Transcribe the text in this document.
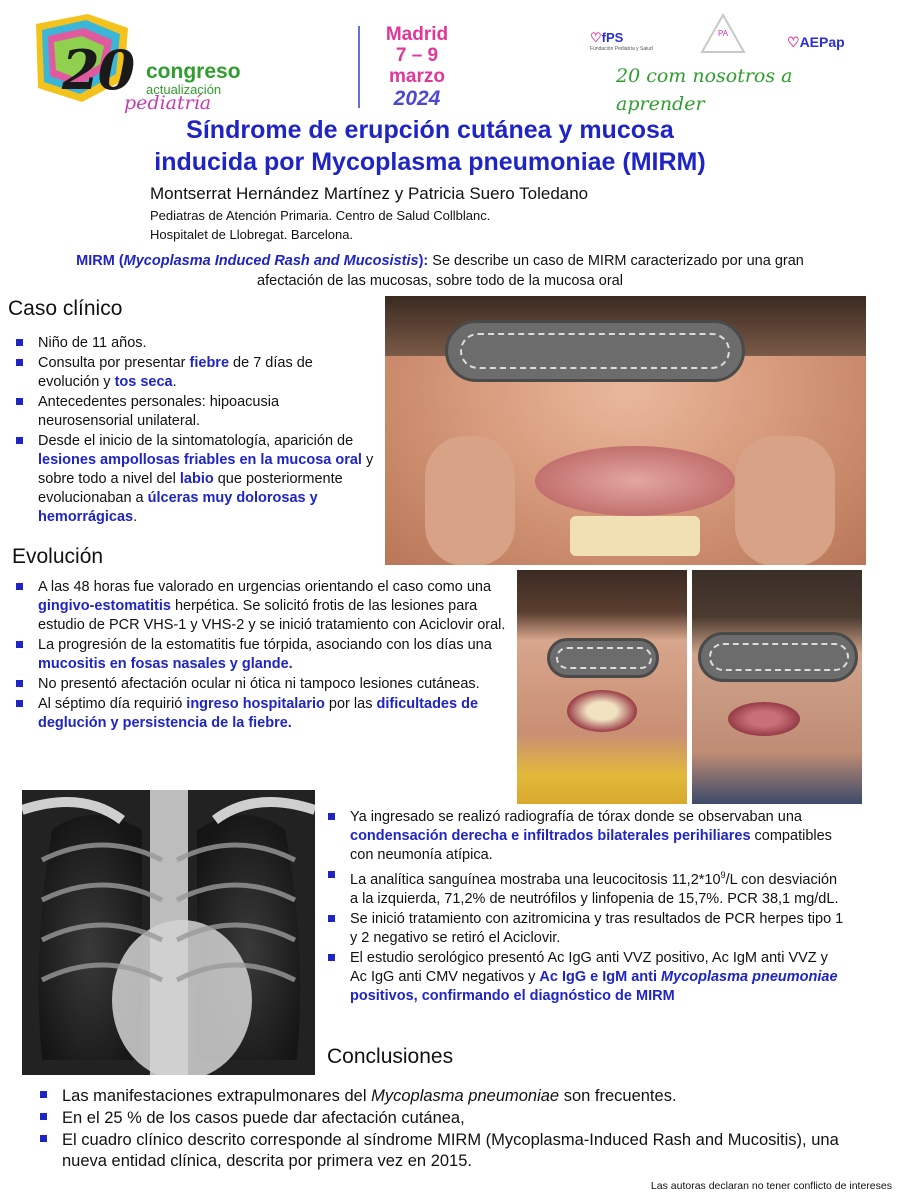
20 congreso
actualización
pediatría
Madrid
7 – 9
marzo
2024
♡fPS
Fundación Pediatría y Salud
PA
♡AEPap
20 com nosotros a aprender
Síndrome de erupción cutánea y mucosa
inducida por Mycoplasma pneumoniae (MIRM)
Montserrat Hernández Martínez y Patricia Suero Toledano
Pediatras de Atención Primaria. Centro de Salud Collblanc.
Hospitalet de Llobregat. Barcelona.
MIRM (Mycoplasma Induced Rash and Mucosistis): Se describe un caso de MIRM caracterizado por una gran afectación de las mucosas, sobre todo de la mucosa oral
Caso clínico
Niño de 11 años.
Consulta por presentar fiebre de 7 días de evolución y tos seca.
Antecedentes personales: hipoacusia neurosensorial unilateral.
Desde el inicio de la sintomatología, aparición de lesiones ampollosas friables en la mucosa oral y sobre todo a nivel del labio que posteriormente evolucionaban a úlceras muy dolorosas y hemorrágicas.
Evolución
A las 48 horas fue valorado en urgencias orientando el caso como una gingivo-estomatitis herpética. Se solicitó frotis de las lesiones para estudio de PCR VHS-1 y VHS-2 y se inició tratamiento con Aciclovir oral.
La progresión de la estomatitis fue tórpida, asociando con los días una mucositis en fosas nasales y glande.
No presentó afectación ocular ni ótica ni tampoco lesiones cutáneas.
Al séptimo día requirió ingreso hospitalario por las dificultades de deglución y persistencia de la fiebre.
Ya ingresado se realizó radiografía de tórax donde se observaban una condensación derecha e infiltrados bilaterales perihiliares compatibles con neumonía atípica.
La analítica sanguínea mostraba una leucocitosis $11,2*10^9/L$ con desviación a la izquierda, 71,2% de neutrófilos y linfopenia de 15,7%. PCR 38,1 mg/dL.
Se inició tratamiento con azitromicina y tras resultados de PCR herpes tipo 1 y 2 negativo se retiró el Aciclovir.
El estudio serológico presentó Ac IgG anti VVZ positivo, Ac IgM anti VVZ y Ac IgG anti CMV negativos y Ac IgG e IgM anti Mycoplasma pneumoniae positivos, confirmando el diagnóstico de MIRM
Conclusiones
Las manifestaciones extrapulmonares del Mycoplasma pneumoniae son frecuentes.
En el 25 % de los casos puede dar afectación cutánea,
El cuadro clínico descrito corresponde al síndrome MIRM (Mycoplasma-Induced Rash and Mucositis), una nueva entidad clínica, descrita por primera vez en 2015.
Las autoras declaran no tener conflicto de intereses
